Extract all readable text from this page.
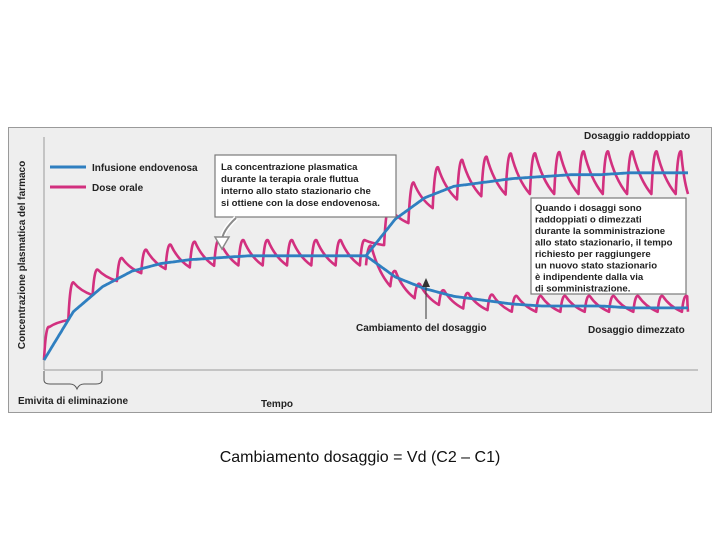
Concentrazione plasmatica del farmaco
Tempo
Emivita di eliminazione
Infusione endovenosa
Dose orale
La concentrazione plasmatica
durante la terapia orale fluttua
interno allo stato stazionario che
si ottiene con la dose endovenosa.	Quando i dosaggi sono
raddoppiati o dimezzati
durante la somministrazione
allo stato stazionario, il tempo
richiesto per raggiungere
un nuovo stato stazionario
è indipendente dalla via
di somministrazione.
Cambiamento del dosaggio
Dosaggio raddoppiato
Dosaggio dimezzato
Cambiamento dosaggio = Vd (C2 – C1)
